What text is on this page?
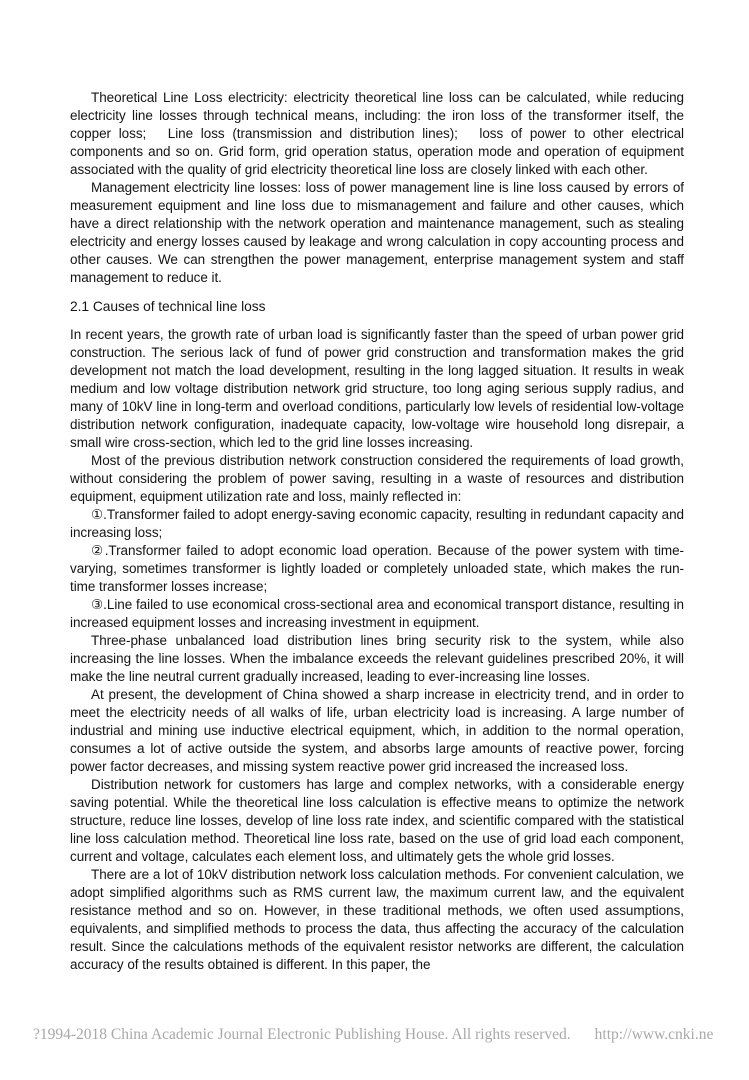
Theoretical Line Loss electricity: electricity theoretical line loss can be calculated, while reducing electricity line losses through technical means, including: the iron loss of the transformer itself, the copper loss;　Line loss (transmission and distribution lines);　loss of power to other electrical components and so on. Grid form, grid operation status, operation mode and operation of equipment associated with the quality of grid electricity theoretical line loss are closely linked with each other.

Management electricity line losses: loss of power management line is line loss caused by errors of measurement equipment and line loss due to mismanagement and failure and other causes, which have a direct relationship with the network operation and maintenance management, such as stealing electricity and energy losses caused by leakage and wrong calculation in copy accounting process and other causes. We can strengthen the power management, enterprise management system and staff management to reduce it.

2.1 Causes of technical line loss

In recent years, the growth rate of urban load is significantly faster than the speed of urban power grid construction. The serious lack of fund of power grid construction and transformation makes the grid development not match the load development, resulting in the long lagged situation. It results in weak medium and low voltage distribution network grid structure, too long aging serious supply radius, and many of 10kV line in long-term and overload conditions, particularly low levels of residential low-voltage distribution network configuration, inadequate capacity, low-voltage wire household long disrepair, a small wire cross-section, which led to the grid line losses increasing.

Most of the previous distribution network construction considered the requirements of load growth, without considering the problem of power saving, resulting in a waste of resources and distribution equipment, equipment utilization rate and loss, mainly reflected in:

①.Transformer failed to adopt energy-saving economic capacity, resulting in redundant capacity and increasing loss;

②.Transformer failed to adopt economic load operation. Because of the power system with time-varying, sometimes transformer is lightly loaded or completely unloaded state, which makes the run-time transformer losses increase;

③.Line failed to use economical cross-sectional area and economical transport distance, resulting in increased equipment losses and increasing investment in equipment.

Three-phase unbalanced load distribution lines bring security risk to the system, while also increasing the line losses. When the imbalance exceeds the relevant guidelines prescribed 20%, it will make the line neutral current gradually increased, leading to ever-increasing line losses.

At present, the development of China showed a sharp increase in electricity trend, and in order to meet the electricity needs of all walks of life, urban electricity load is increasing. A large number of industrial and mining use inductive electrical equipment, which, in addition to the normal operation, consumes a lot of active outside the system, and absorbs large amounts of reactive power, forcing power factor decreases, and missing system reactive power grid increased the increased loss.

Distribution network for customers has large and complex networks, with a considerable energy saving potential. While the theoretical line loss calculation is effective means to optimize the network structure, reduce line losses, develop of line loss rate index, and scientific compared with the statistical line loss calculation method. Theoretical line loss rate, based on the use of grid load each component, current and voltage, calculates each element loss, and ultimately gets the whole grid losses.

There are a lot of 10kV distribution network loss calculation methods. For convenient calculation, we adopt simplified algorithms such as RMS current law, the maximum current law, and the equivalent resistance method and so on. However, in these traditional methods, we often used assumptions, equivalents, and simplified methods to process the data, thus affecting the accuracy of the calculation result. Since the calculations methods of the equivalent resistor networks are different, the calculation accuracy of the results obtained is different. In this paper, the

?1994-2018 China Academic Journal Electronic Publishing House. All rights reserved. http://www.cnki.ne
